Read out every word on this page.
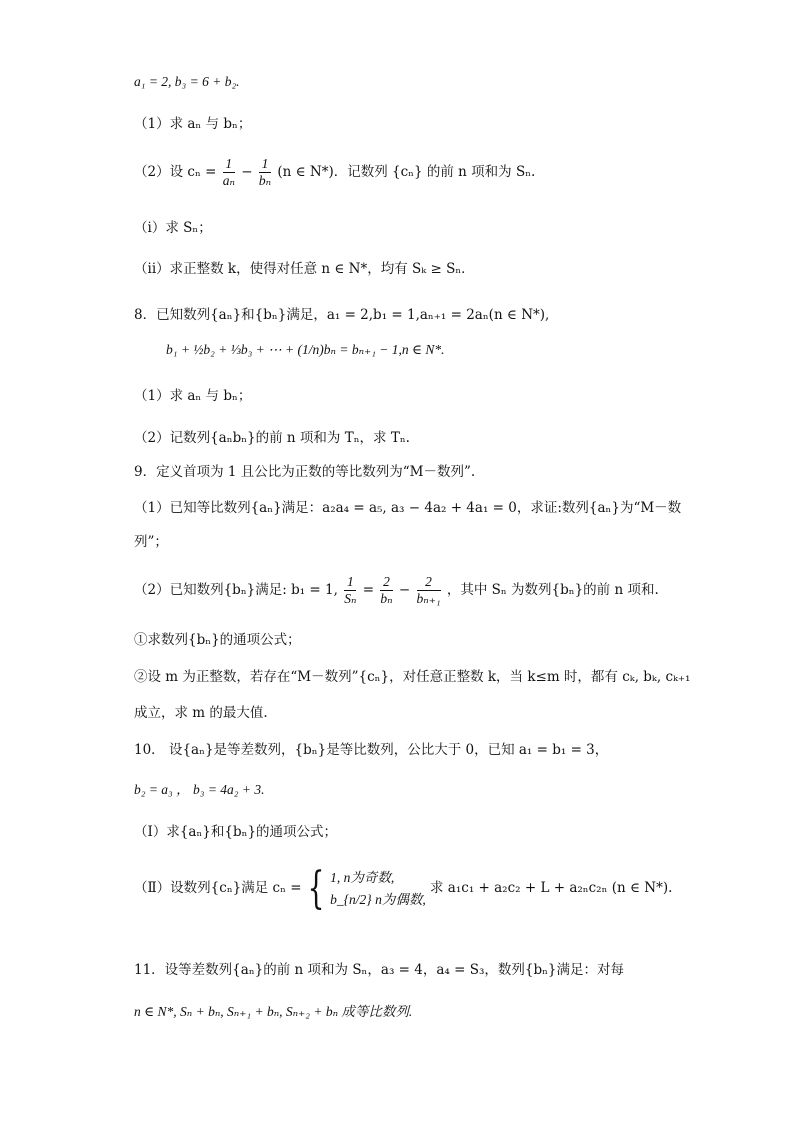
a₁ = 2, b₃ = 6 + b₂.
（1）求 aₙ 与 bₙ；
（2）设 $c_n = \frac{1}{\text{aₙ}} - \frac{1}{\text{bₙ}} (n$ ∈ N*)．记数列 {cₙ} 的前 n 项和为 Sₙ.
（i）求 Sₙ；
（ii）求正整数 k，使得对任意 n ∈ N*，均有 Sₖ ≥ Sₙ．
8．已知数列{aₙ}和{bₙ}满足，a₁ = 2,b₁ = 1,aₙ₊₁ = 2aₙ(n ∈ N*),
b₁ + ½b₂ + ⅓b₃ + ⋯ + (1/n)bₙ = bₙ₊₁ − 1,n ∈ N*.
（1）求 aₙ 与 bₙ；
（2）记数列{aₙbₙ}的前 n 项和为 Tₙ，求 Tₙ.
9．定义首项为 1 且公比为正数的等比数列为“M－数列”.
（1）已知等比数列{aₙ}满足：a₂a₄ = a₅, a₃ − 4a₂ + 4a₁ = 0，求证:数列{aₙ}为“M－数
列”；
（2）已知数列{bₙ}满足: b₁ = 1, $\frac{1}{\text{Sₙ}} = \frac{2}{\text{bₙ}} - \frac{2}{\text{bₙ₊₁}}$ ，其中 Sₙ 为数列{bₙ}的前 n 项和.
①求数列{bₙ}的通项公式；
②设 m 为正整数，若存在“M－数列”{cₙ}，对任意正整数 k，当 k≤m 时，都有 cₖ, bₖ, cₖ₊₁
成立，求 m 的最大值.
10． 设{aₙ}是等差数列，{bₙ}是等比数列，公比大于 0，已知 a₁ = b₁ = 3，
b₂ = a₃ ， b₃ = 4a₂ + 3.
（Ⅰ）求{aₙ}和{bₙ}的通项公式；
（Ⅱ）设数列{cₙ}满足 cₙ = { 1, n为奇数,
b_{n/2} n为偶数,
求 a₁c₁ + a₂c₂ + L + a₂ₙc₂ₙ (n ∈ N*).
11．设等差数列{aₙ}的前 n 项和为 Sₙ，a₃ = 4，a₄ = S₃，数列{bₙ}满足：对每
n ∈ N*, Sₙ + bₙ, Sₙ₊₁ + bₙ, Sₙ₊₂ + bₙ 成等比数列.
